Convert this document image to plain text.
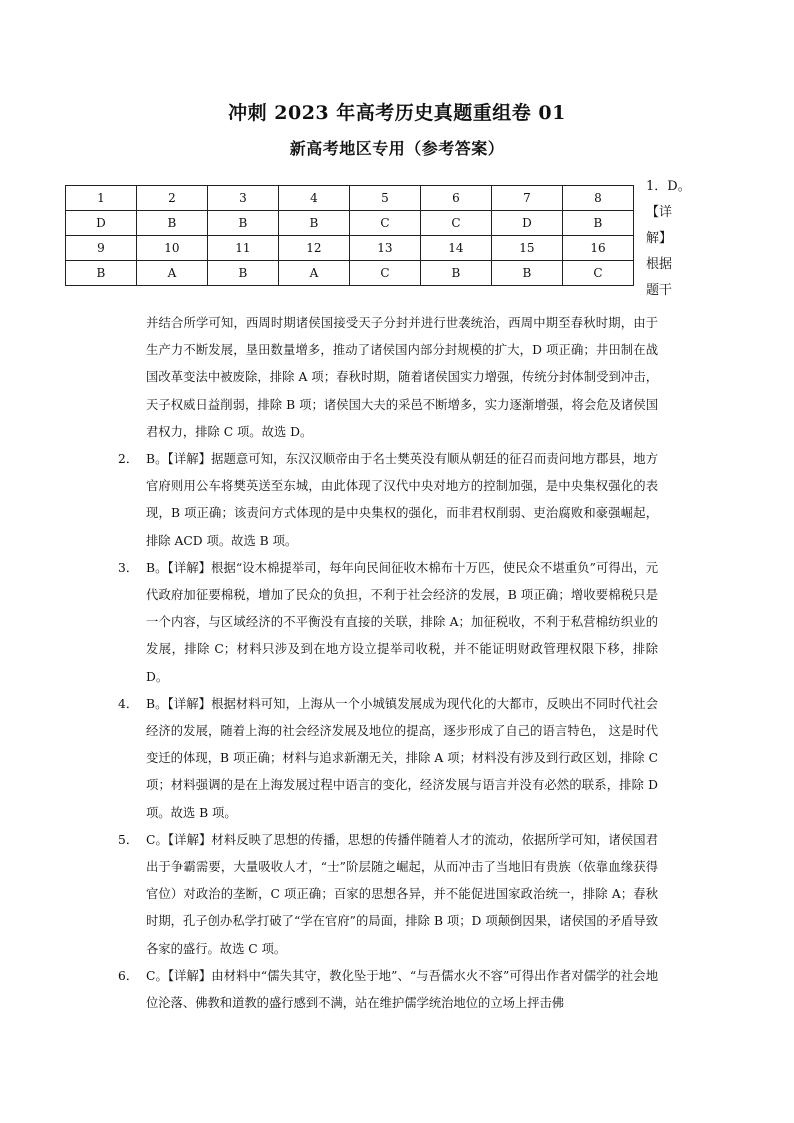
冲刺 2023 年高考历史真题重组卷 01
新高考地区专用（参考答案）
1	2	3	4	5	6	7	8
D	B	B	B	C	C	D	B
9	10	11	12	13	14	15	16
B	A	B	A	C	B	B	C
1．D。
【详
解】
根据
题干

并结合所学可知，西周时期诸侯国接受天子分封并进行世袭统治，西周中期至春秋时期，由于生产力不断发展，垦田数量增多，推动了诸侯国内部分封规模的扩大，D 项正确；井田制在战国改革变法中被废除，排除 A 项；春秋时期，随着诸侯国实力增强，传统分封体制受到冲击，天子权威日益削弱，排除 B 项；诸侯国大夫的采邑不断增多，实力逐渐增强，将会危及诸侯国君权力，排除 C 项。故选 D。

2． B。【详解】据题意可知，东汉汉顺帝由于名士樊英没有顺从朝廷的征召而责问地方郡县，地方官府则用公车将樊英送至东城，由此体现了汉代中央对地方的控制加强，是中央集权强化的表现，B 项正确；该责问方式体现的是中央集权的强化，而非君权削弱、吏治腐败和豪强崛起，排除 ACD 项。故选 B 项。

3． B。【详解】根据“设木棉提举司，每年向民间征收木棉布十万匹，使民众不堪重负”可得出，元代政府加征要棉税，增加了民众的负担，不利于社会经济的发展，B 项正确；增收要棉税只是一个内容，与区域经济的不平衡没有直接的关联，排除 A；加征税收，不利于私营棉纺织业的发展，排除 C；材料只涉及到在地方设立提举司收税，并不能证明财政管理权限下移，排除 D。

4． B。【详解】根据材料可知，上海从一个小城镇发展成为现代化的大都市，反映出不同时代社会经济的发展，随着上海的社会经济发展及地位的提高，逐步形成了自己的语言特色， 这是时代变迁的体现，B 项正确；材料与追求新潮无关，排除 A 项；材料没有涉及到行政区划，排除 C 项；材料强调的是在上海发展过程中语言的变化，经济发展与语言并没有必然的联系，排除 D 项。故选 B 项。

5． C。【详解】材料反映了思想的传播，思想的传播伴随着人才的流动，依据所学可知，诸侯国君出于争霸需要，大量吸收人才，“士”阶层随之崛起，从而冲击了当地旧有贵族（依靠血缘获得官位）对政治的垄断，C 项正确；百家的思想各异，并不能促进国家政治统一，排除 A；春秋时期，孔子创办私学打破了“学在官府”的局面，排除 B 项；D 项颠倒因果，诸侯国的矛盾导致各家的盛行。故选 C 项。

6． C。【详解】由材料中“儒失其守，教化坠于地”、“与吾儒水火不容”可得出作者对儒学的社会地位沦落、佛教和道教的盛行感到不满，站在维护儒学统治地位的立场上抨击佛
